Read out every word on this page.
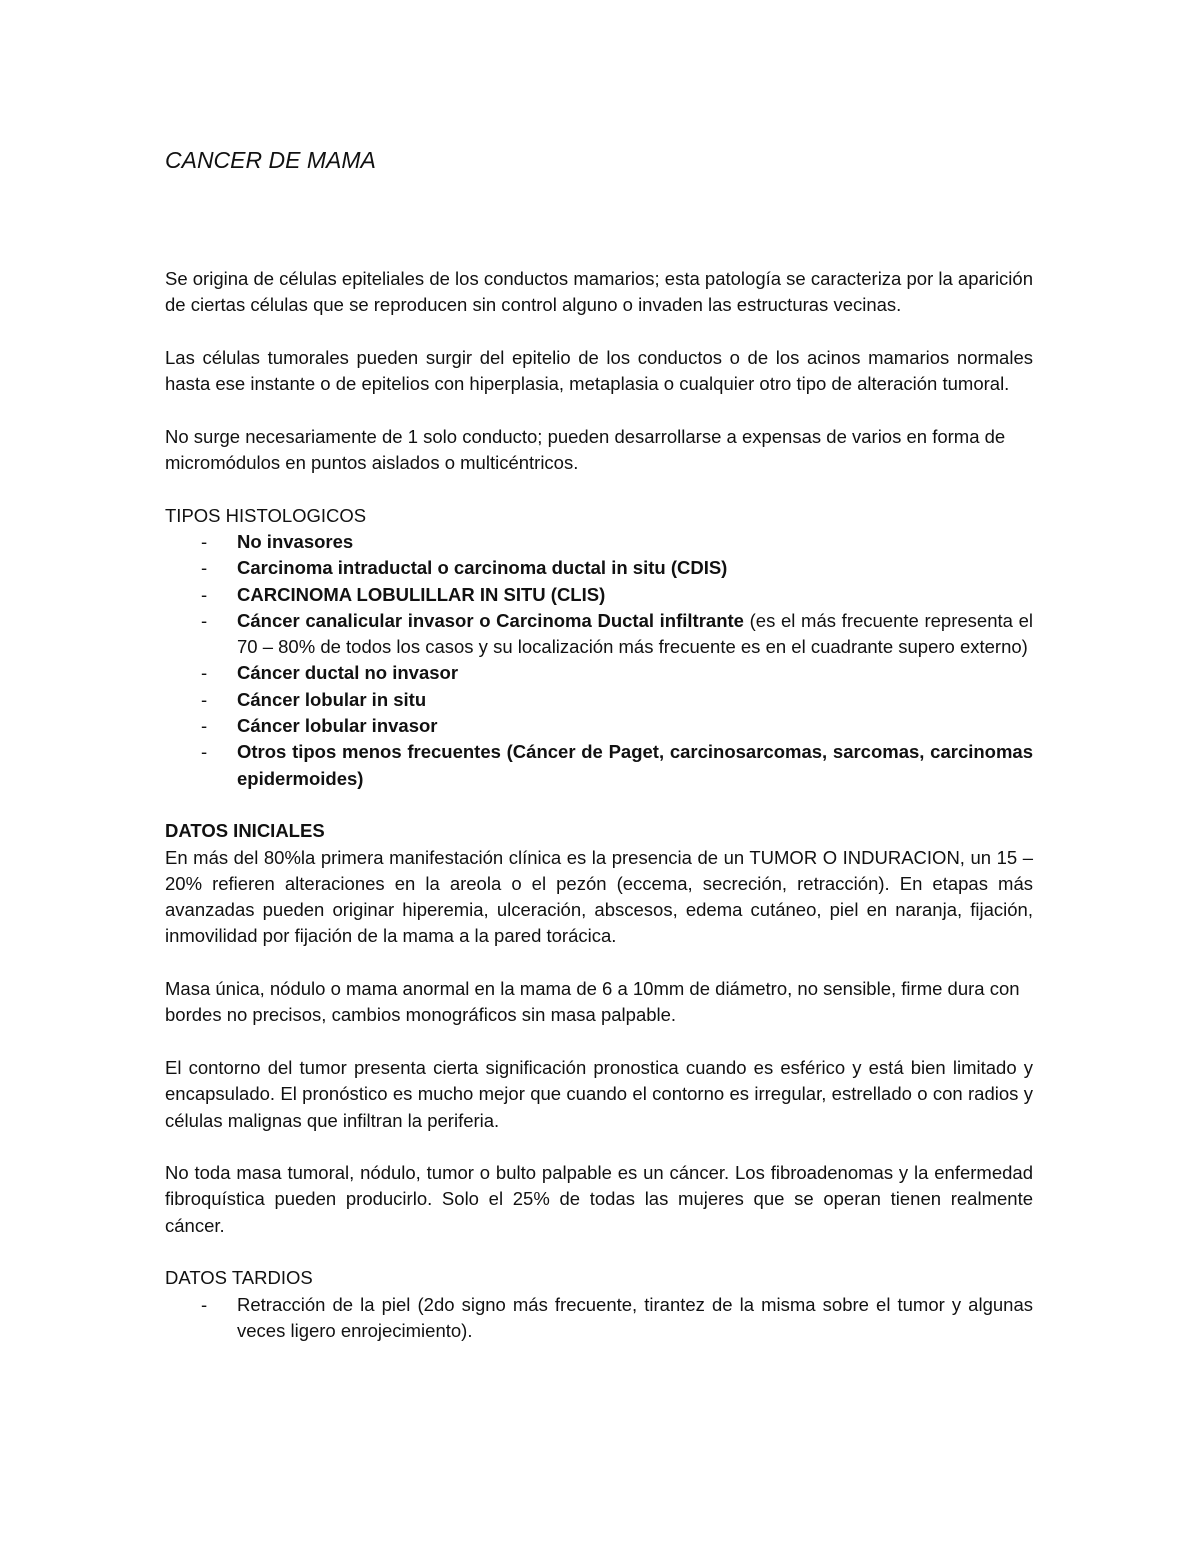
CANCER DE MAMA

Se origina de células epiteliales de los conductos mamarios; esta patología se caracteriza por la aparición de ciertas células que se reproducen sin control alguno o invaden las estructuras vecinas.

Las células tumorales pueden surgir del epitelio de los conductos o de los acinos mamarios normales hasta ese instante o de epitelios con hiperplasia, metaplasia o cualquier otro tipo de alteración tumoral.

No surge necesariamente de 1 solo conducto; pueden desarrollarse a expensas de varios en forma de micromódulos en puntos aislados o multicéntricos.

TIPOS HISTOLOGICOS
- No invasores
- Carcinoma intraductal o carcinoma ductal in situ (CDIS)
- CARCINOMA LOBULILLAR IN SITU (CLIS)
- Cáncer canalicular invasor o Carcinoma Ductal infiltrante (es el más frecuente representa el 70 – 80% de todos los casos y su localización más frecuente es en el cuadrante supero externo)
- Cáncer ductal no invasor
- Cáncer lobular in situ
- Cáncer lobular invasor
- Otros tipos menos frecuentes (Cáncer de Paget, carcinosarcomas, sarcomas, carcinomas epidermoides)
DATOS INICIALES

En más del 80%la primera manifestación clínica es la presencia de un TUMOR O INDURACION, un 15 – 20% refieren alteraciones en la areola o el pezón (eccema, secreción, retracción). En etapas más avanzadas pueden originar hiperemia, ulceración, abscesos, edema cutáneo, piel en naranja, fijación, inmovilidad por fijación de la mama a la pared torácica.

Masa única, nódulo o mama anormal en la mama de 6 a 10mm de diámetro, no sensible, firme dura con bordes no precisos, cambios monográficos sin masa palpable.

El contorno del tumor presenta cierta significación pronostica cuando es esférico y está bien limitado y encapsulado. El pronóstico es mucho mejor que cuando el contorno es irregular, estrellado o con radios y células malignas que infiltran la periferia.

No toda masa tumoral, nódulo, tumor o bulto palpable es un cáncer. Los fibroadenomas y la enfermedad fibroquística pueden producirlo. Solo el 25% de todas las mujeres que se operan tienen realmente cáncer.

DATOS TARDIOS
- Retracción de la piel (2do signo más frecuente, tirantez de la misma sobre el tumor y algunas veces ligero enrojecimiento).
